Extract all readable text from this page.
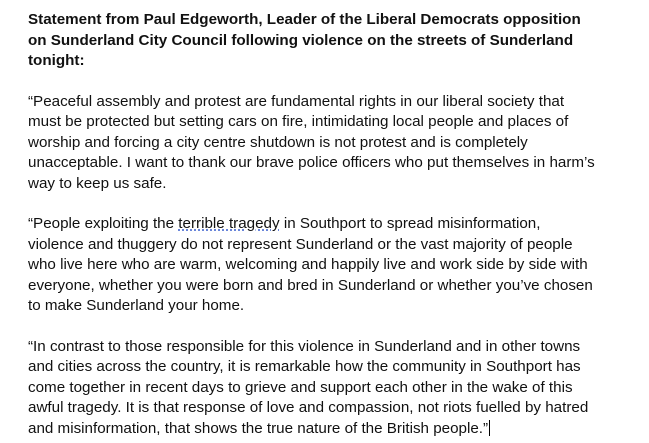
Statement from Paul Edgeworth, Leader of the Liberal Democrats opposition
on Sunderland City Council following violence on the streets of Sunderland
tonight:
“Peaceful assembly and protest are fundamental rights in our liberal society that
must be protected but setting cars on fire, intimidating local people and places of
worship and forcing a city centre shutdown is not protest and is completely
unacceptable. I want to thank our brave police officers who put themselves in harm’s
way to keep us safe.
“People exploiting the terrible tragedy in Southport to spread misinformation,
violence and thuggery do not represent Sunderland or the vast majority of people
who live here who are warm, welcoming and happily live and work side by side with
everyone, whether you were born and bred in Sunderland or whether you’ve chosen
to make Sunderland your home.
“In contrast to those responsible for this violence in Sunderland and in other towns
and cities across the country, it is remarkable how the community in Southport has
come together in recent days to grieve and support each other in the wake of this
awful tragedy. It is that response of love and compassion, not riots fuelled by hatred
and misinformation, that shows the true nature of the British people.”
